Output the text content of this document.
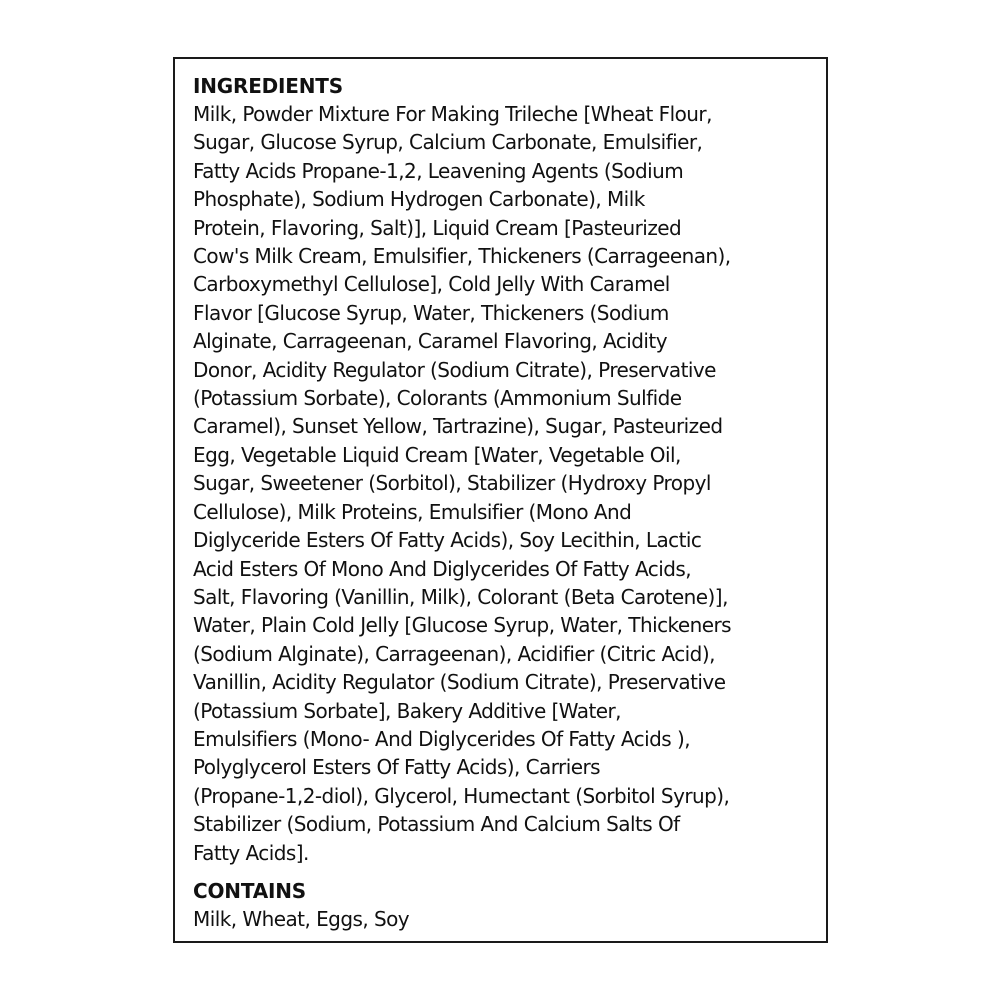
INGREDIENTS
Milk, Powder Mixture For Making Trileche [Wheat Flour,
Sugar, Glucose Syrup, Calcium Carbonate, Emulsifier,
Fatty Acids Propane-1,2, Leavening Agents (Sodium
Phosphate), Sodium Hydrogen Carbonate), Milk
Protein, Flavoring, Salt)], Liquid Cream [Pasteurized
Cow's Milk Cream, Emulsifier, Thickeners (Carrageenan),
Carboxymethyl Cellulose], Cold Jelly With Caramel
Flavor [Glucose Syrup, Water, Thickeners (Sodium
Alginate, Carrageenan, Caramel Flavoring, Acidity
Donor, Acidity Regulator (Sodium Citrate), Preservative
(Potassium Sorbate), Colorants (Ammonium Sulfide
Caramel), Sunset Yellow, Tartrazine), Sugar, Pasteurized
Egg, Vegetable Liquid Cream [Water, Vegetable Oil,
Sugar, Sweetener (Sorbitol), Stabilizer (Hydroxy Propyl
Cellulose), Milk Proteins, Emulsifier (Mono And
Diglyceride Esters Of Fatty Acids), Soy Lecithin, Lactic
Acid Esters Of Mono And Diglycerides Of Fatty Acids,
Salt, Flavoring (Vanillin, Milk), Colorant (Beta Carotene)],
Water, Plain Cold Jelly [Glucose Syrup, Water, Thickeners
(Sodium Alginate), Carrageenan), Acidifier (Citric Acid),
Vanillin, Acidity Regulator (Sodium Citrate), Preservative
(Potassium Sorbate], Bakery Additive [Water,
Emulsifiers (Mono- And Diglycerides Of Fatty Acids ),
Polyglycerol Esters Of Fatty Acids), Carriers
(Propane-1,2-diol), Glycerol, Humectant (Sorbitol Syrup),
Stabilizer (Sodium, Potassium And Calcium Salts Of
Fatty Acids].
CONTAINS
Milk, Wheat, Eggs, Soy
